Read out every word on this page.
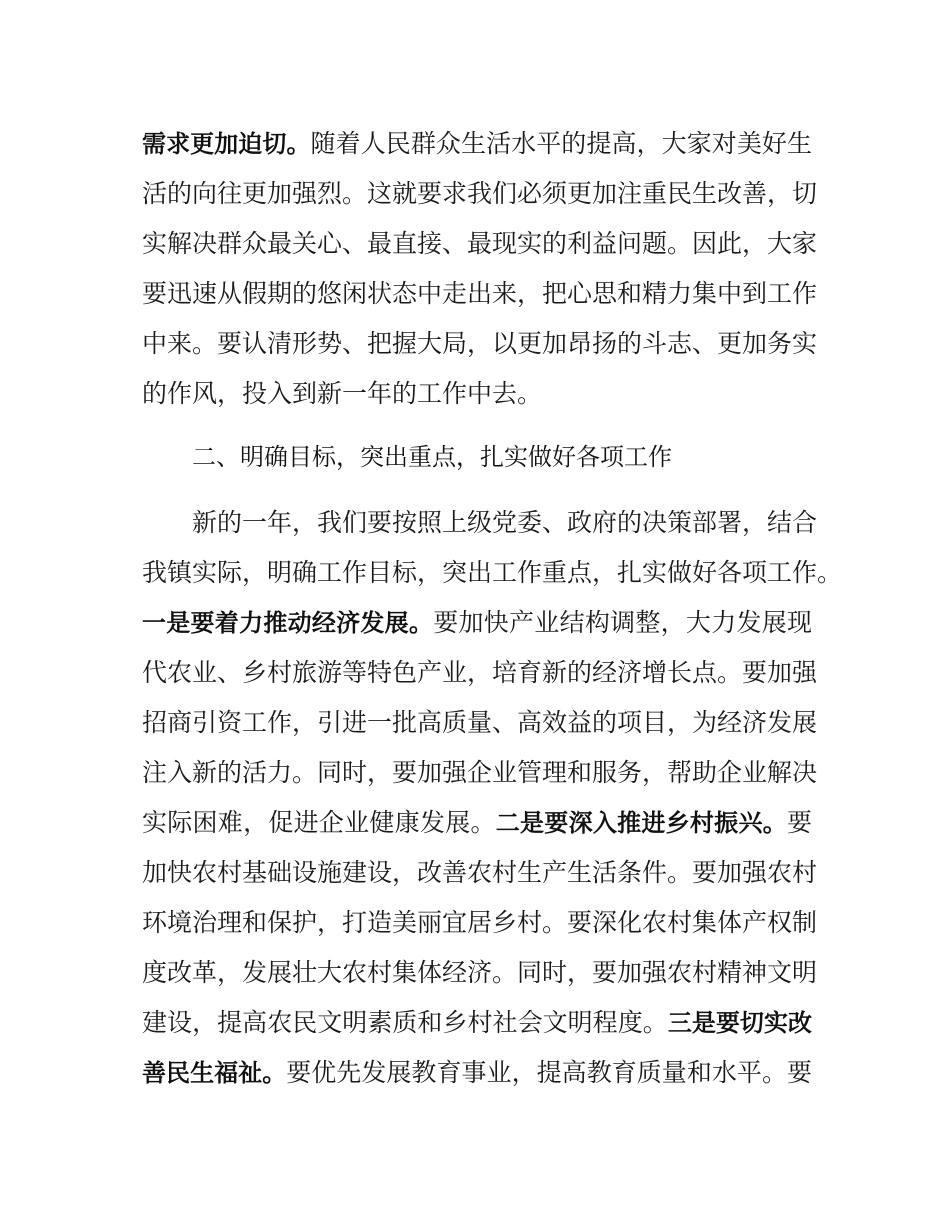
需求更加迫切。随着人民群众生活水平的提高，大家对美好生
活的向往更加强烈。这就要求我们必须更加注重民生改善，切
实解决群众最关心、最直接、最现实的利益问题。因此，大家
要迅速从假期的悠闲状态中走出来，把心思和精力集中到工作
中来。要认清形势、把握大局，以更加昂扬的斗志、更加务实
的作风，投入到新一年的工作中去。
二、明确目标，突出重点，扎实做好各项工作
新的一年，我们要按照上级党委、政府的决策部署，结合
我镇实际，明确工作目标，突出工作重点，扎实做好各项工作。
一是要着力推动经济发展。要加快产业结构调整，大力发展现
代农业、乡村旅游等特色产业，培育新的经济增长点。要加强
招商引资工作，引进一批高质量、高效益的项目，为经济发展
注入新的活力。同时，要加强企业管理和服务，帮助企业解决
实际困难，促进企业健康发展。二是要深入推进乡村振兴。要
加快农村基础设施建设，改善农村生产生活条件。要加强农村
环境治理和保护，打造美丽宜居乡村。要深化农村集体产权制
度改革，发展壮大农村集体经济。同时，要加强农村精神文明
建设，提高农民文明素质和乡村社会文明程度。三是要切实改
善民生福祉。要优先发展教育事业，提高教育质量和水平。要
